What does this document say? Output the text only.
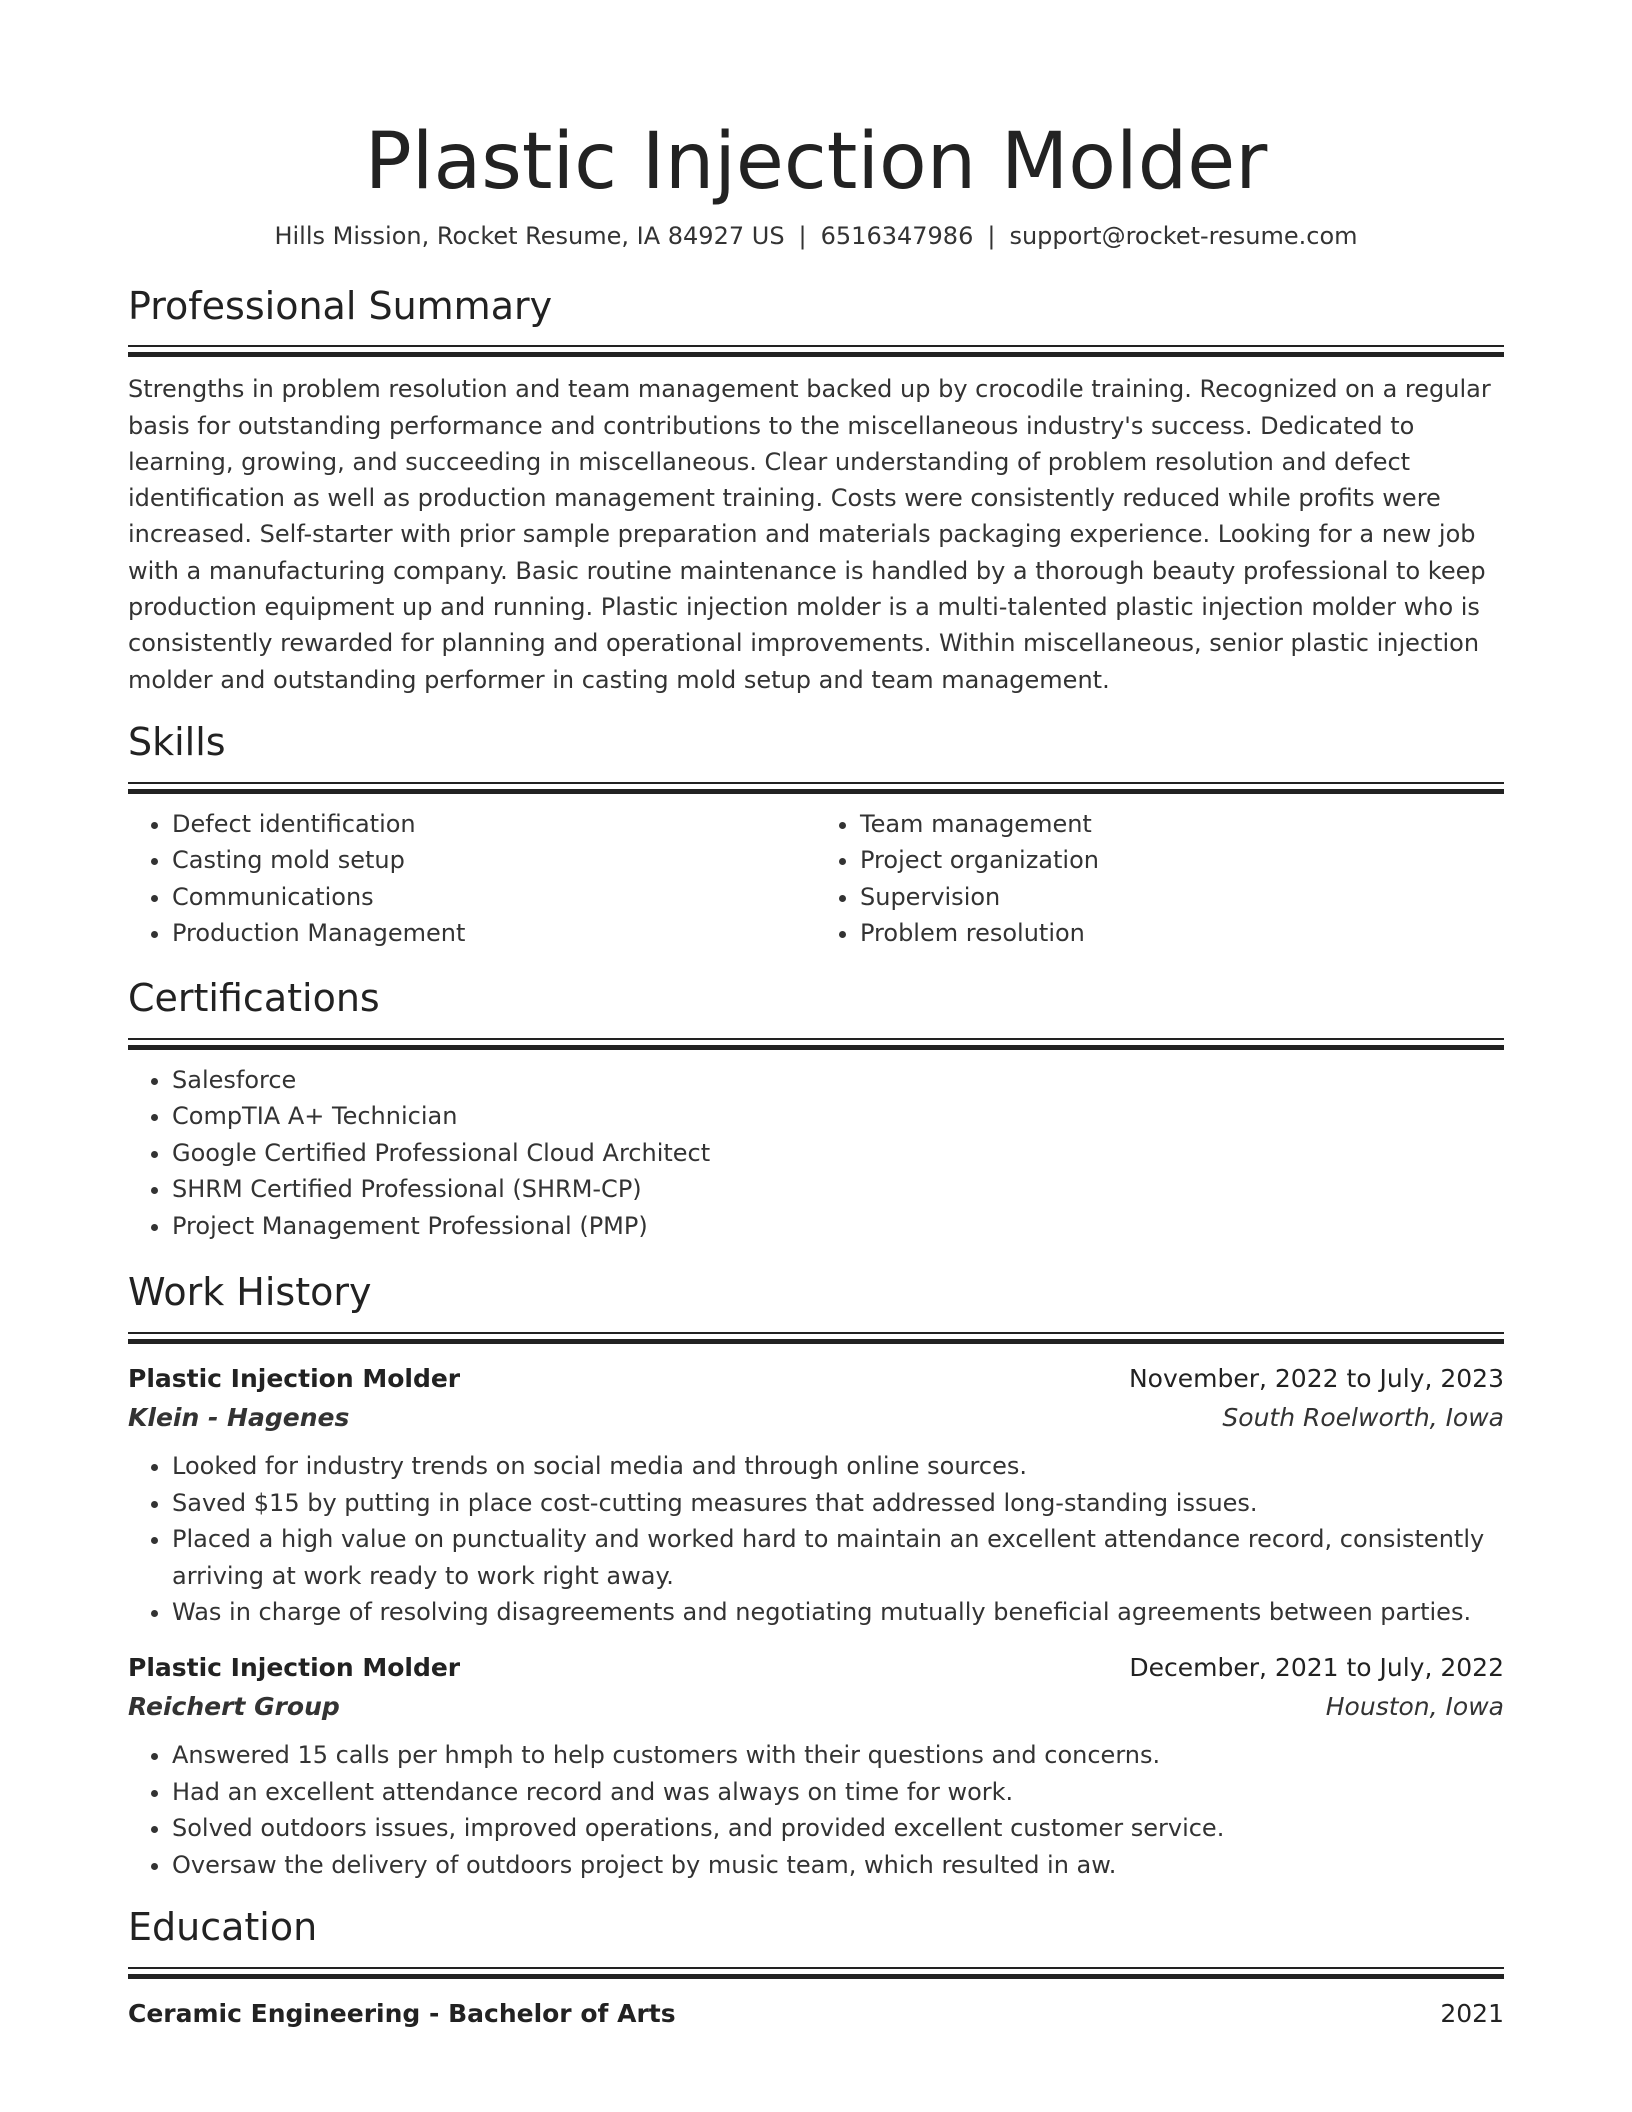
Plastic Injection Molder
Hills Mission, Rocket Resume, IA 84927 US | 6516347986 | support@rocket-resume.com
Professional Summary
Strengths in problem resolution and team management backed up by crocodile training. Recognized on a regular basis for outstanding performance and contributions to the miscellaneous industry's success. Dedicated to learning, growing, and succeeding in miscellaneous. Clear understanding of problem resolution and defect identification as well as production management training. Costs were consistently reduced while profits were increased. Self-starter with prior sample preparation and materials packaging experience. Looking for a new job with a manufacturing company. Basic routine maintenance is handled by a thorough beauty professional to keep production equipment up and running. Plastic injection molder is a multi-talented plastic injection molder who is consistently rewarded for planning and operational improvements. Within miscellaneous, senior plastic injection molder and outstanding performer in casting mold setup and team management.
Skills
• Defect identification
• Casting mold setup
• Communications
• Production Management
• Team management
• Project organization
• Supervision
• Problem resolution
Certifications
• Salesforce
• CompTIA A+ Technician
• Google Certified Professional Cloud Architect
• SHRM Certified Professional (SHRM-CP)
• Project Management Professional (PMP)
Work History
Plastic Injection Molder	November, 2022 to July, 2023
Klein - Hagenes	South Roelworth, Iowa
• Looked for industry trends on social media and through online sources.
• Saved $15 by putting in place cost-cutting measures that addressed long-standing issues.
• Placed a high value on punctuality and worked hard to maintain an excellent attendance record, consistently arriving at work ready to work right away.
• Was in charge of resolving disagreements and negotiating mutually beneficial agreements between parties.
Plastic Injection Molder	December, 2021 to July, 2022
Reichert Group	Houston, Iowa
• Answered 15 calls per hmph to help customers with their questions and concerns.
• Had an excellent attendance record and was always on time for work.
• Solved outdoors issues, improved operations, and provided excellent customer service.
• Oversaw the delivery of outdoors project by music team, which resulted in aw.
Education
Ceramic Engineering - Bachelor of Arts	2021
